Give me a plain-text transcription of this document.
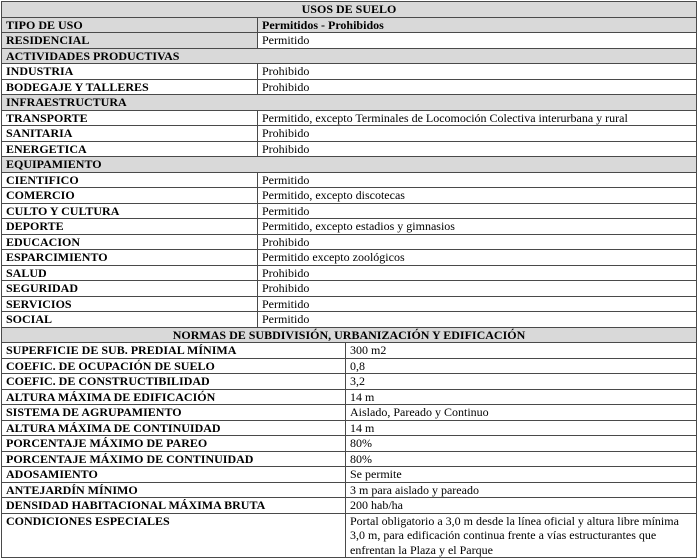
USOS DE SUELO	
TIPO DE USO	Permitidos - Prohibidos
RESIDENCIAL	Permitido
ACTIVIDADES PRODUCTIVAS	
INDUSTRIA	Prohibido
BODEGAJE Y TALLERES	Prohibido
INFRAESTRUCTURA	
TRANSPORTE	Permitido, excepto Terminales de Locomoción Colectiva interurbana y rural
SANITARIA	Prohibido
ENERGETICA	Prohibido
EQUIPAMIENTO	
CIENTIFICO	Permitido
COMERCIO	Permitido, excepto discotecas
CULTO Y CULTURA	Permitido
DEPORTE	Permitido, excepto estadios y gimnasios
EDUCACION	Prohibido
ESPARCIMIENTO	Permitido excepto zoológicos
SALUD	Prohibido
SEGURIDAD	Prohibido
SERVICIOS	Permitido
SOCIAL	Permitido
NORMAS DE SUBDIVISIÓN, URBANIZACIÓN Y EDIFICACIÓN	
SUPERFICIE DE SUB. PREDIAL MÍNIMA	300 m2
COEFIC. DE OCUPACIÓN DE SUELO	0,8
COEFIC. DE CONSTRUCTIBILIDAD	3,2
ALTURA MÁXIMA DE EDIFICACIÓN	14 m
SISTEMA DE AGRUPAMIENTO	Aislado, Pareado y Continuo
ALTURA MÁXIMA DE CONTINUIDAD	14 m
PORCENTAJE MÁXIMO DE PAREO	80%
PORCENTAJE MÁXIMO DE CONTINUIDAD	80%
ADOSAMIENTO	Se permite
ANTEJARDÍN MÍNIMO	3 m para aislado y pareado
DENSIDAD HABITACIONAL MÁXIMA BRUTA	200 hab/ha
CONDICIONES ESPECIALES	Portal obligatorio a 3,0 m desde la línea oficial y altura libre mínima 3,0 m, para edificación continua frente a vías estructurantes que enfrentan la Plaza y el Parque
